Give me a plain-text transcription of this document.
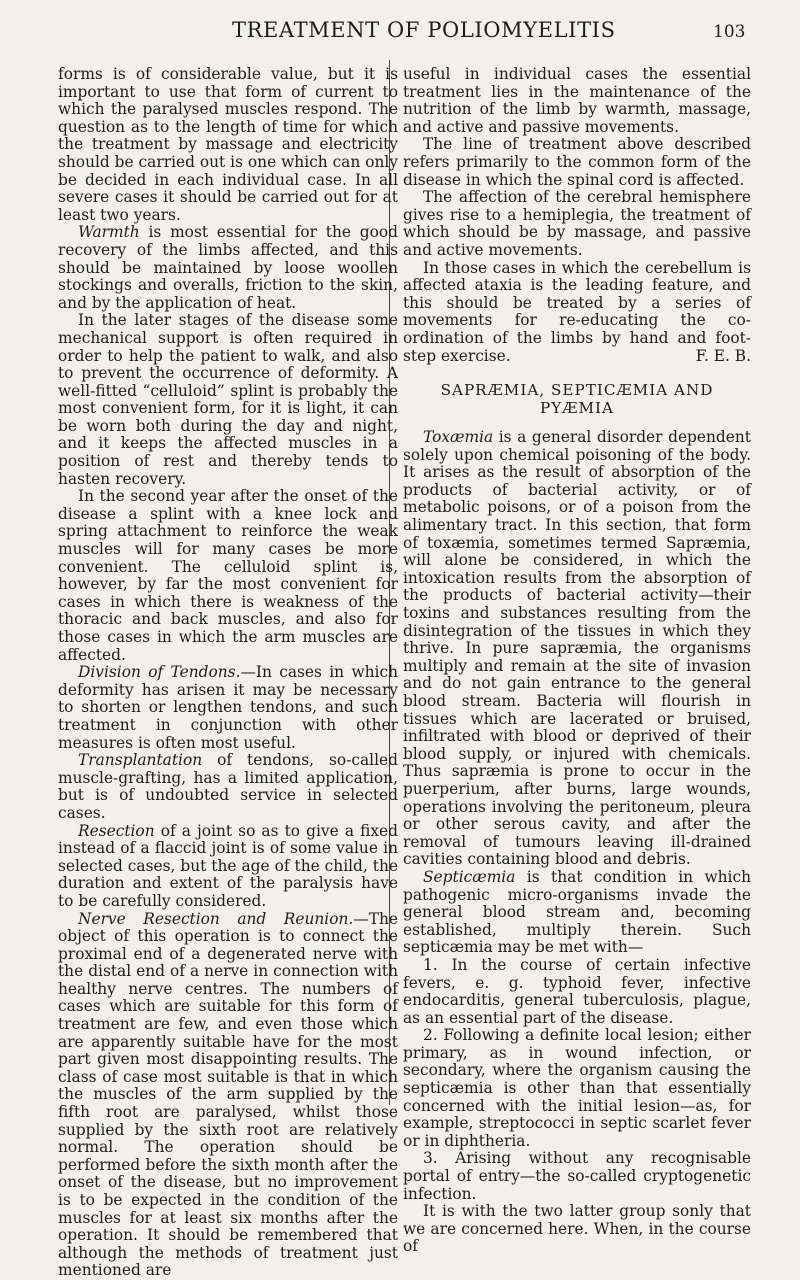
TREATMENT OF POLIOMYELITIS	103

forms is of considerable value, but it is important to use that form of current to which the paralysed muscles respond. The question as to the length of time for which the treatment by massage and electricity should be carried out is one which can only be decided in each individual case. In all severe cases it should be carried out for at least two years.

Warmth is most essential for the good recovery of the limbs affected, and this should be maintained by loose woollen stockings and overalls, friction to the skin, and by the application of heat.

In the later stages of the disease some mechanical support is often required in order to help the patient to walk, and also to prevent the occurrence of deformity. A well-fitted “celluloid” splint is probably the most convenient form, for it is light, it can be worn both during the day and night, and it keeps the affected muscles in a position of rest and thereby tends to hasten recovery.

In the second year after the onset of the disease a splint with a knee lock and spring attachment to reinforce the weak muscles will for many cases be more convenient. The celluloid splint is, however, by far the most convenient for cases in which there is weakness of the thoracic and back muscles, and also for those cases in which the arm muscles are affected.

Division of Tendons.—In cases in which deformity has arisen it may be necessary to shorten or lengthen tendons, and such treatment in conjunction with other measures is often most useful.

Transplantation of tendons, so-called muscle-grafting, has a limited application, but is of undoubted service in selected cases.

Resection of a joint so as to give a fixed instead of a flaccid joint is of some value in selected cases, but the age of the child, the duration and extent of the paralysis have to be carefully considered.

Nerve Resection and Reunion.—The object of this operation is to connect the proximal end of a degenerated nerve with the distal end of a nerve in connection with healthy nerve centres. The numbers of cases which are suitable for this form of treatment are few, and even those which are apparently suitable have for the most part given most disappointing results. The class of case most suitable is that in which the muscles of the arm supplied by the fifth root are paralysed, whilst those supplied by the sixth root are relatively normal. The operation should be performed before the sixth month after the onset of the disease, but no improvement is to be expected in the condition of the muscles for at least six months after the operation. It should be remembered that although the methods of treatment just mentioned are

useful in individual cases the essential treatment lies in the maintenance of the nutrition of the limb by warmth, massage, and active and passive movements.

The line of treatment above described refers primarily to the common form of the disease in which the spinal cord is affected.

The affection of the cerebral hemisphere gives rise to a hemiplegia, the treatment of which should be by massage, and passive and active movements.

In those cases in which the cerebellum is affected ataxia is the leading feature, and this should be treated by a series of movements for re-educating the co-ordination of the limbs by hand and foot-step exercise.	F. E. B.

SAPRÆMIA, SEPTICÆMIA AND
PYÆMIA

Toxæmia is a general disorder dependent solely upon chemical poisoning of the body. It arises as the result of absorption of the products of bacterial activity, or of metabolic poisons, or of a poison from the alimentary tract. In this section, that form of toxæmia, sometimes termed Sapræmia, will alone be considered, in which the intoxication results from the absorption of the products of bacterial activity—their toxins and substances resulting from the disintegration of the tissues in which they thrive. In pure sapræmia, the organisms multiply and remain at the site of invasion and do not gain entrance to the general blood stream. Bacteria will flourish in tissues which are lacerated or bruised, infiltrated with blood or deprived of their blood supply, or injured with chemicals. Thus sapræmia is prone to occur in the puerperium, after burns, large wounds, operations involving the peritoneum, pleura or other serous cavity, and after the removal of tumours leaving ill-drained cavities containing blood and debris.

Septicæmia is that condition in which pathogenic micro-organisms invade the general blood stream and, becoming established, multiply therein. Such septicæmia may be met with—

1. In the course of certain infective fevers, e. g. typhoid fever, infective endocarditis, general tuberculosis, plague, as an essential part of the disease.

2. Following a definite local lesion; either primary, as in wound infection, or secondary, where the organism causing the septicæmia is other than that essentially concerned with the initial lesion—as, for example, streptococci in septic scarlet fever or in diphtheria.

3. Arising without any recognisable portal of entry—the so-called cryptogenetic infection.

It is with the two latter group sonly that we are concerned here. When, in the course of
